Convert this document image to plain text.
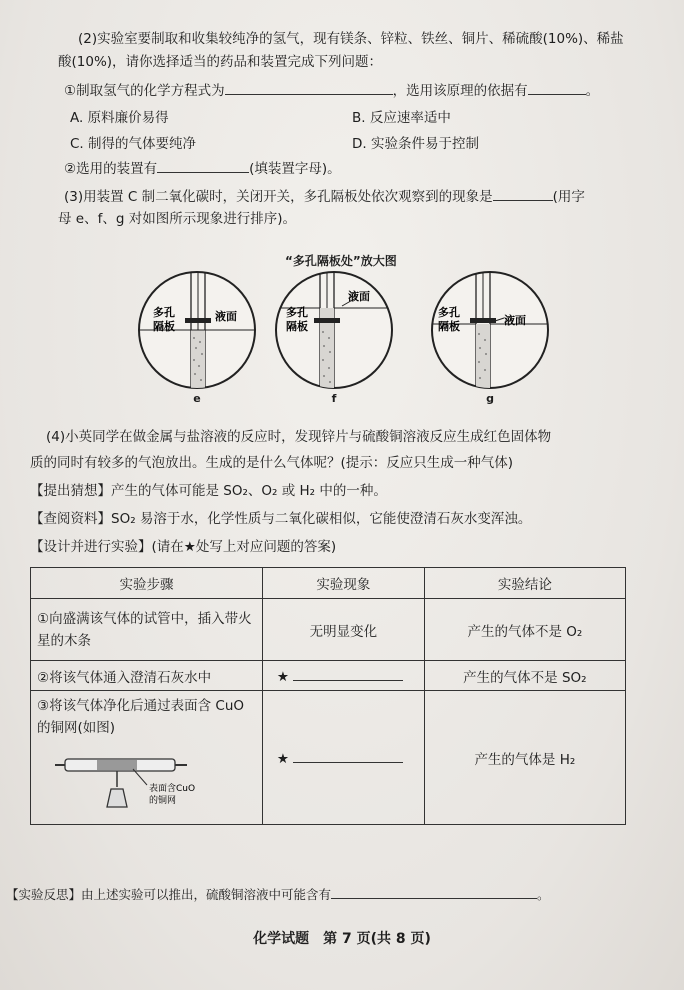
(2)实验室要制取和收集较纯净的氢气，现有镁条、锌粒、铁丝、铜片、稀硫酸(10%)、稀盐
酸(10%)，请你选择适当的药品和装置完成下列问题：
①制取氢气的化学方程式为	，选用该原理的依据有	。
A. 原料廉价易得	B. 反应速率适中
C. 制得的气体要纯净	D. 实验条件易于控制
②选用的装置有	(填装置字母)。
(3)用装置 C 制二氧化碳时，关闭开关，多孔隔板处依次观察到的现象是	(用字
母 e、f、g 对如图所示现象进行排序)。
“多孔隔板处”放大图
多孔
隔板
液面
e
多孔
隔板
液面
f
多孔
隔板	液面
g
(4)小英同学在做金属与盐溶液的反应时，发现锌片与硫酸铜溶液反应生成红色固体物
质的同时有较多的气泡放出。生成的是什么气体呢？(提示：反应只生成一种气体)
【提出猜想】产生的气体可能是 SO₂、O₂ 或 H₂ 中的一种。
【查阅资料】SO₂ 易溶于水，化学性质与二氧化碳相似，它能使澄清石灰水变浑浊。
【设计并进行实验】(请在★处写上对应问题的答案)
实验步骤	实验现象	实验结论
①向盛满该气体的试管中，插入带火星的木条	无明显变化	产生的气体不是 O₂
②将该气体通入澄清石灰水中	★	产生的气体不是 SO₂

③将该气体净化后通过表面含 CuO 的铜网(如图)
表面含CuO
的铜网	★	产生的气体是 H₂
【实验反思】由上述实验可以推出，硫酸铜溶液中可能含有	。
化学试题　第 7 页(共 8 页)
